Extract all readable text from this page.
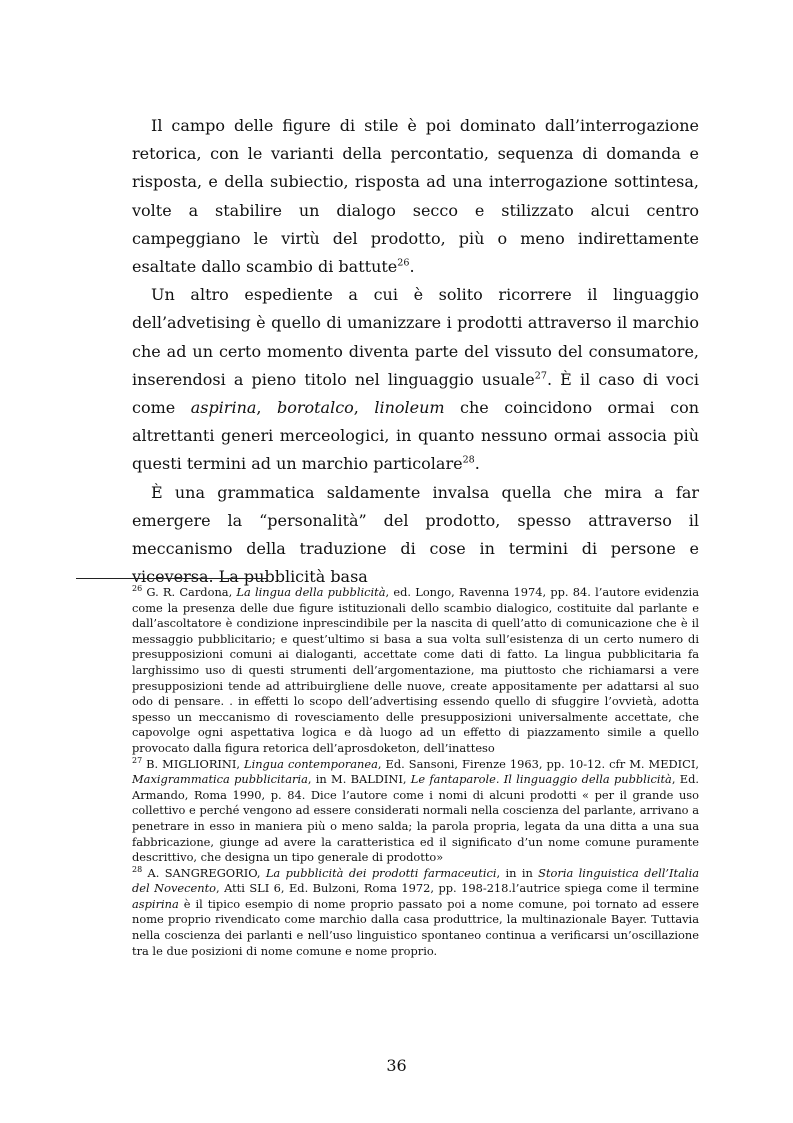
Il campo delle figure di stile è poi dominato dall’interrogazione retorica, con le varianti della percontatio, sequenza di domanda e risposta, e della subiectio, risposta ad una interrogazione sottintesa, volte a stabilire un dialogo secco e stilizzato alcui centro campeggiano le virtù del prodotto, più o meno indirettamente esaltate dallo scambio di battute$^{26}$.

Un altro espediente a cui è solito ricorrere il linguaggio dell’advetising è quello di umanizzare i prodotti attraverso il marchio che ad un certo momento diventa parte del vissuto del consumatore, inserendosi a pieno titolo nel linguaggio usuale$^{27}$. È il caso di voci come aspirina, borotalco, linoleum che coincidono ormai con altrettanti generi merceologici, in quanto nessuno ormai associa più questi termini ad un marchio particolare$^{28}$.

È una grammatica saldamente invalsa quella che mira a far emergere la “personalità” del prodotto, spesso attraverso il meccanismo della traduzione di cose in termini di persone e viceversa. La pubblicità basa

$^{26}$ G. R. Cardona, La lingua della pubblicità, ed. Longo, Ravenna 1974, pp. 84. l’autore evidenzia come la presenza delle due figure istituzionali dello scambio dialogico, costituite dal parlante e dall’ascoltatore è condizione inprescindibile per la nascita di quell’atto di comunicazione che è il messaggio pubblicitario; e quest’ultimo si basa a sua volta sull’esistenza di un certo numero di presupposizioni comuni ai dialoganti, accettate come dati di fatto. La lingua pubblicitaria fa larghissimo uso di questi strumenti dell’argomentazione, ma piuttosto che richiamarsi a vere presupposizioni tende ad attribuirgliene delle nuove, create appositamente per adattarsi al suo odo di pensare. . in effetti lo scopo dell’advertising essendo quello di sfuggire l’ovvietà, adotta spesso un meccanismo di rovesciamento delle presupposizioni universalmente accettate, che capovolge ogni aspettativa logica e dà luogo ad un effetto di piazzamento simile a quello provocato dalla figura retorica dell’aprosdoketon, dell’inatteso

$^{27}$ B. MIGLIORINI, Lingua contemporanea, Ed. Sansoni, Firenze 1963, pp. 10-12. cfr M. MEDICI, Maxigrammatica pubblicitaria, in M. BALDINI, Le fantaparole. Il linguaggio della pubblicità, Ed. Armando, Roma 1990, p. 84. Dice l’autore come i nomi di alcuni prodotti « per il grande uso collettivo e perché vengono ad essere considerati normali nella coscienza del parlante, arrivano a penetrare in esso in maniera più o meno salda; la parola propria, legata da una ditta a una sua fabbricazione, giunge ad avere la caratteristica ed il significato d’un nome comune puramente descrittivo, che designa un tipo generale di prodotto»

$^{28}$ A. SANGREGORIO, La pubblicità dei prodotti farmaceutici, in in Storia linguistica dell’Italia del Novecento, Atti SLI 6, Ed. Bulzoni, Roma 1972, pp. 198-218.l’autrice spiega come il termine aspirina è il tipico esempio di nome proprio passato poi a nome comune, poi tornato ad essere nome proprio rivendicato come marchio dalla casa produttrice, la multinazionale Bayer. Tuttavia nella coscienza dei parlanti e nell’uso linguistico spontaneo continua a verificarsi un’oscillazione tra le due posizioni di nome comune e nome proprio.

36
